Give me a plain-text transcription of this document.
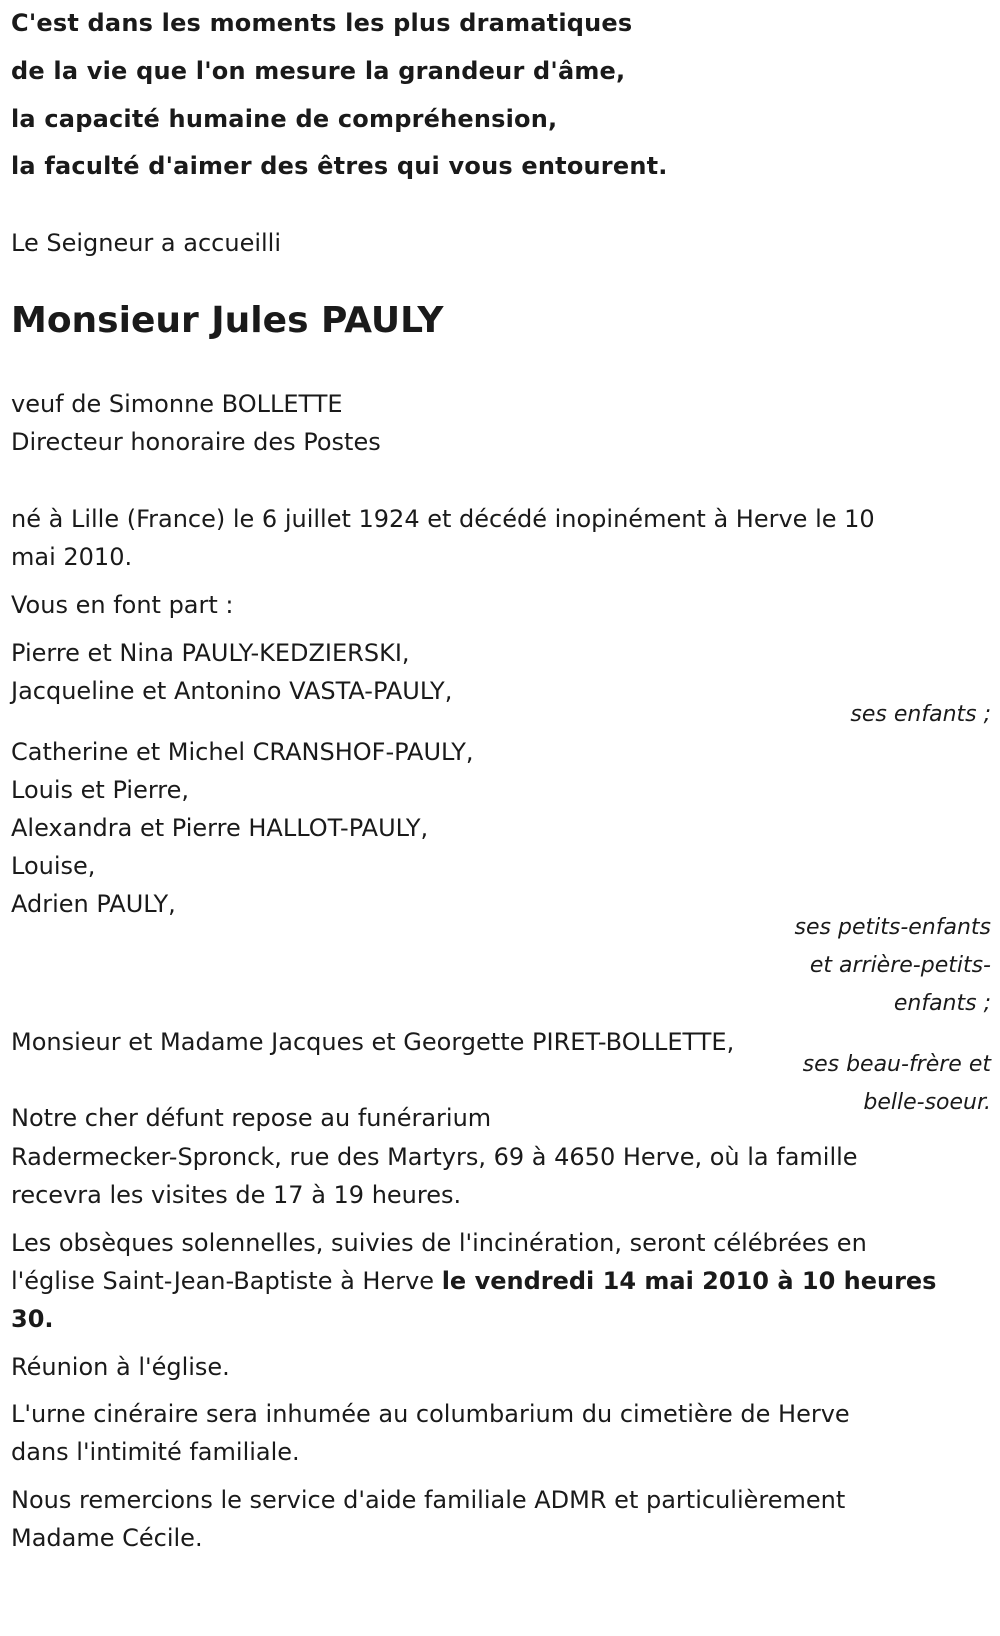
C'est dans les moments les plus dramatiques

de la vie que l'on mesure la grandeur d'âme,

la capacité humaine de compréhension,

la faculté d'aimer des êtres qui vous entourent.

Le Seigneur a accueilli

Monsieur Jules PAULY

veuf de Simonne BOLLETTE

Directeur honoraire des Postes

né à Lille (France) le 6 juillet 1924 et décédé inopinément à Herve le 10

mai 2010.

Vous en font part :

Pierre et Nina PAULY-KEDZIERSKI,

Jacqueline et Antonino VASTA-PAULY,

ses enfants ;

Catherine et Michel CRANSHOF-PAULY,

Louis et Pierre,

Alexandra et Pierre HALLOT-PAULY,

Louise,

Adrien PAULY,

ses petits-enfants

et arrière-petits-

enfants ;

Monsieur et Madame Jacques et Georgette PIRET-BOLLETTE,

ses beau-frère et

belle-soeur.

Notre cher défunt repose au funérarium

Radermecker-Spronck, rue des Martyrs, 69 à 4650 Herve, où la famille

recevra les visites de 17 à 19 heures.

Les obsèques solennelles, suivies de l'incinération, seront célébrées en

l'église Saint-Jean-Baptiste à Herve le vendredi 14 mai 2010 à 10 heures

30.

Réunion à l'église.

L'urne cinéraire sera inhumée au columbarium du cimetière de Herve

dans l'intimité familiale.

Nous remercions le service d'aide familiale ADMR et particulièrement

Madame Cécile.
